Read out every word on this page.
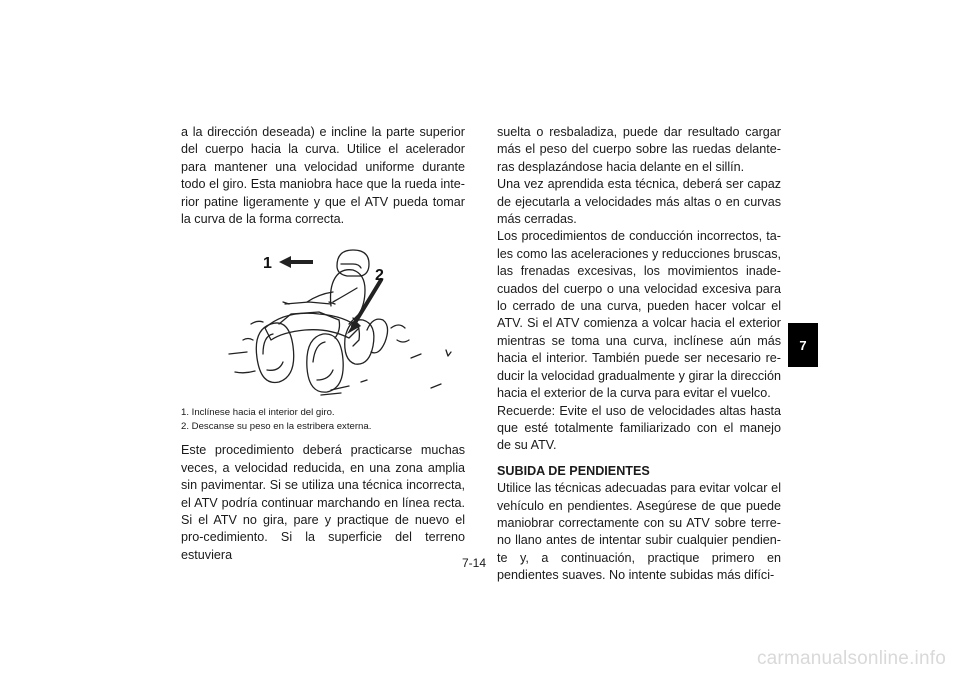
a la dirección deseada) e incline la parte superior del cuerpo hacia la curva. Utilice el acelerador para mantener una velocidad uniforme durante todo el giro. Esta maniobra hace que la rueda inte-rior patine ligeramente y que el ATV pueda tomar la curva de la forma correcta.

1
2
1. Inclínese hacia el interior del giro.
2. Descanse su peso en la estribera externa.

Este procedimiento deberá practicarse muchas veces, a velocidad reducida, en una zona amplia sin pavimentar. Si se utiliza una técnica incorrecta, el ATV podría continuar marchando en línea recta. Si el ATV no gira, pare y practique de nuevo el pro-cedimiento. Si la superficie del terreno estuviera

suelta o resbaladiza, puede dar resultado cargar más el peso del cuerpo sobre las ruedas delante-ras desplazándose hacia delante en el sillín.

Una vez aprendida esta técnica, deberá ser capaz de ejecutarla a velocidades más altas o en curvas más cerradas.

Los procedimientos de conducción incorrectos, ta-les como las aceleraciones y reducciones bruscas, las frenadas excesivas, los movimientos inade-cuados del cuerpo o una velocidad excesiva para lo cerrado de una curva, pueden hacer volcar el ATV. Si el ATV comienza a volcar hacia el exterior mientras se toma una curva, inclínese aún más hacia el interior. También puede ser necesario re-ducir la velocidad gradualmente y girar la dirección hacia el exterior de la curva para evitar el vuelco.

Recuerde: Evite el uso de velocidades altas hasta que esté totalmente familiarizado con el manejo de su ATV.

SUBIDA DE PENDIENTES

Utilice las técnicas adecuadas para evitar volcar el vehículo en pendientes. Asegúrese de que puede maniobrar correctamente con su ATV sobre terre-no llano antes de intentar subir cualquier pendien-te y, a continuación, practique primero en pendientes suaves. No intente subidas más difíci-

7
7-14
carmanualsonline.info
